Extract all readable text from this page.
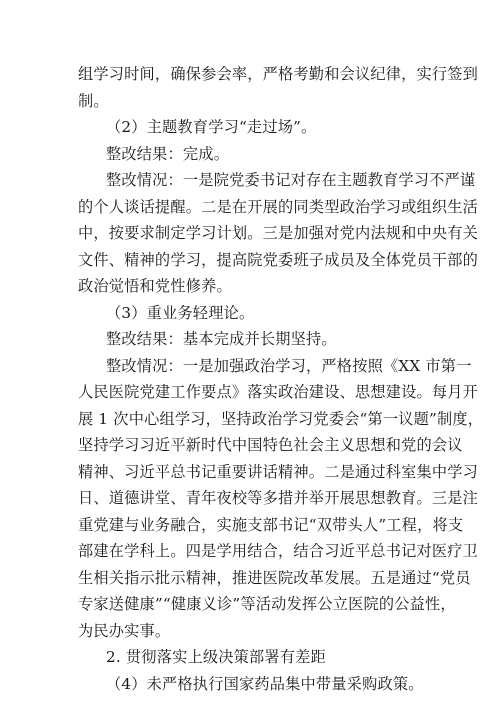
组学习时间，确保参会率，严格考勤和会议纪律，实行签到
制。
（2）主题教育学习“走过场”。
整改结果：完成。
整改情况：一是院党委书记对存在主题教育学习不严谨
的个人谈话提醒。二是在开展的同类型政治学习或组织生活
中，按要求制定学习计划。三是加强对党内法规和中央有关
文件、精神的学习，提高院党委班子成员及全体党员干部的
政治觉悟和党性修养。
（3）重业务轻理论。
整改结果：基本完成并长期坚持。
整改情况：一是加强政治学习，严格按照《XX 市第一
人民医院党建工作要点》落实政治建设、思想建设。每月开
展 1 次中心组学习，坚持政治学习党委会“第一议题”制度，
坚持学习习近平新时代中国特色社会主义思想和党的会议
精神、习近平总书记重要讲话精神。二是通过科室集中学习
日、道德讲堂、青年夜校等多措并举开展思想教育。三是注
重党建与业务融合，实施支部书记“双带头人”工程，将支
部建在学科上。四是学用结合，结合习近平总书记对医疗卫
生相关指示批示精神，推进医院改革发展。五是通过“党员
专家送健康”“健康义诊”等活动发挥公立医院的公益性，
为民办实事。
2. 贯彻落实上级决策部署有差距
（4）未严格执行国家药品集中带量采购政策。
